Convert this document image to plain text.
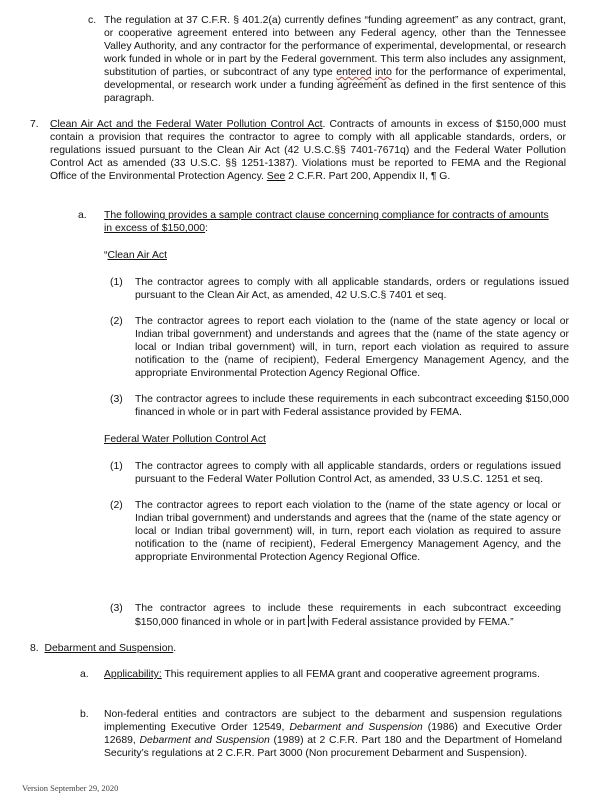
c. The regulation at 37 C.F.R. § 401.2(a) currently defines “funding agreement” as any contract, grant, or cooperative agreement entered into between any Federal agency, other than the Tennessee Valley Authority, and any contractor for the performance of experimental, developmental, or research work funded in whole or in part by the Federal government. This term also includes any assignment, substitution of parties, or subcontract of any type entered into for the performance of experimental, developmental, or research work under a funding agreement as defined in the first sentence of this paragraph.

7. Clean Air Act and the Federal Water Pollution Control Act. Contracts of amounts in excess of $150,000 must contain a provision that requires the contractor to agree to comply with all applicable standards, orders, or regulations issued pursuant to the Clean Air Act (42 U.S.C.§§ 7401-7671q) and the Federal Water Pollution Control Act as amended (33 U.S.C. §§ 1251-1387). Violations must be reported to FEMA and the Regional Office of the Environmental Protection Agency. See 2 C.F.R. Part 200, Appendix II, ¶ G.

a. The following provides a sample contract clause concerning compliance for contracts of amounts in excess of $150,000:

“Clean Air Act

(1) The contractor agrees to comply with all applicable standards, orders or regulations issued pursuant to the Clean Air Act, as amended, 42 U.S.C.§ 7401 et seq.

(2) The contractor agrees to report each violation to the (name of the state agency or local or Indian tribal government) and understands and agrees that the (name of the state agency or local or Indian tribal government) will, in turn, report each violation as required to assure notification to the (name of recipient), Federal Emergency Management Agency, and the appropriate Environmental Protection Agency Regional Office.

(3) The contractor agrees to include these requirements in each subcontract exceeding $150,000 financed in whole or in part with Federal assistance provided by FEMA.

Federal Water Pollution Control Act

(1) The contractor agrees to comply with all applicable standards, orders or regulations issued pursuant to the Federal Water Pollution Control Act, as amended, 33 U.S.C. 1251 et seq.

(2) The contractor agrees to report each violation to the (name of the state agency or local or Indian tribal government) and understands and agrees that the (name of the state agency or local or Indian tribal government) will, in turn, report each violation as required to assure notification to the (name of recipient), Federal Emergency Management Agency, and the appropriate Environmental Protection Agency Regional Office.

(3) The contractor agrees to include these requirements in each subcontract exceeding $150,000 financed in whole or in part with Federal assistance provided by FEMA.”

8. Debarment and Suspension.

a. Applicability: This requirement applies to all FEMA grant and cooperative agreement programs.

b. Non-federal entities and contractors are subject to the debarment and suspension regulations implementing Executive Order 12549, Debarment and Suspension (1986) and Executive Order 12689, Debarment and Suspension (1989) at 2 C.F.R. Part 180 and the Department of Homeland Security’s regulations at 2 C.F.R. Part 3000 (Non procurement Debarment and Suspension).

Version September 29, 2020
